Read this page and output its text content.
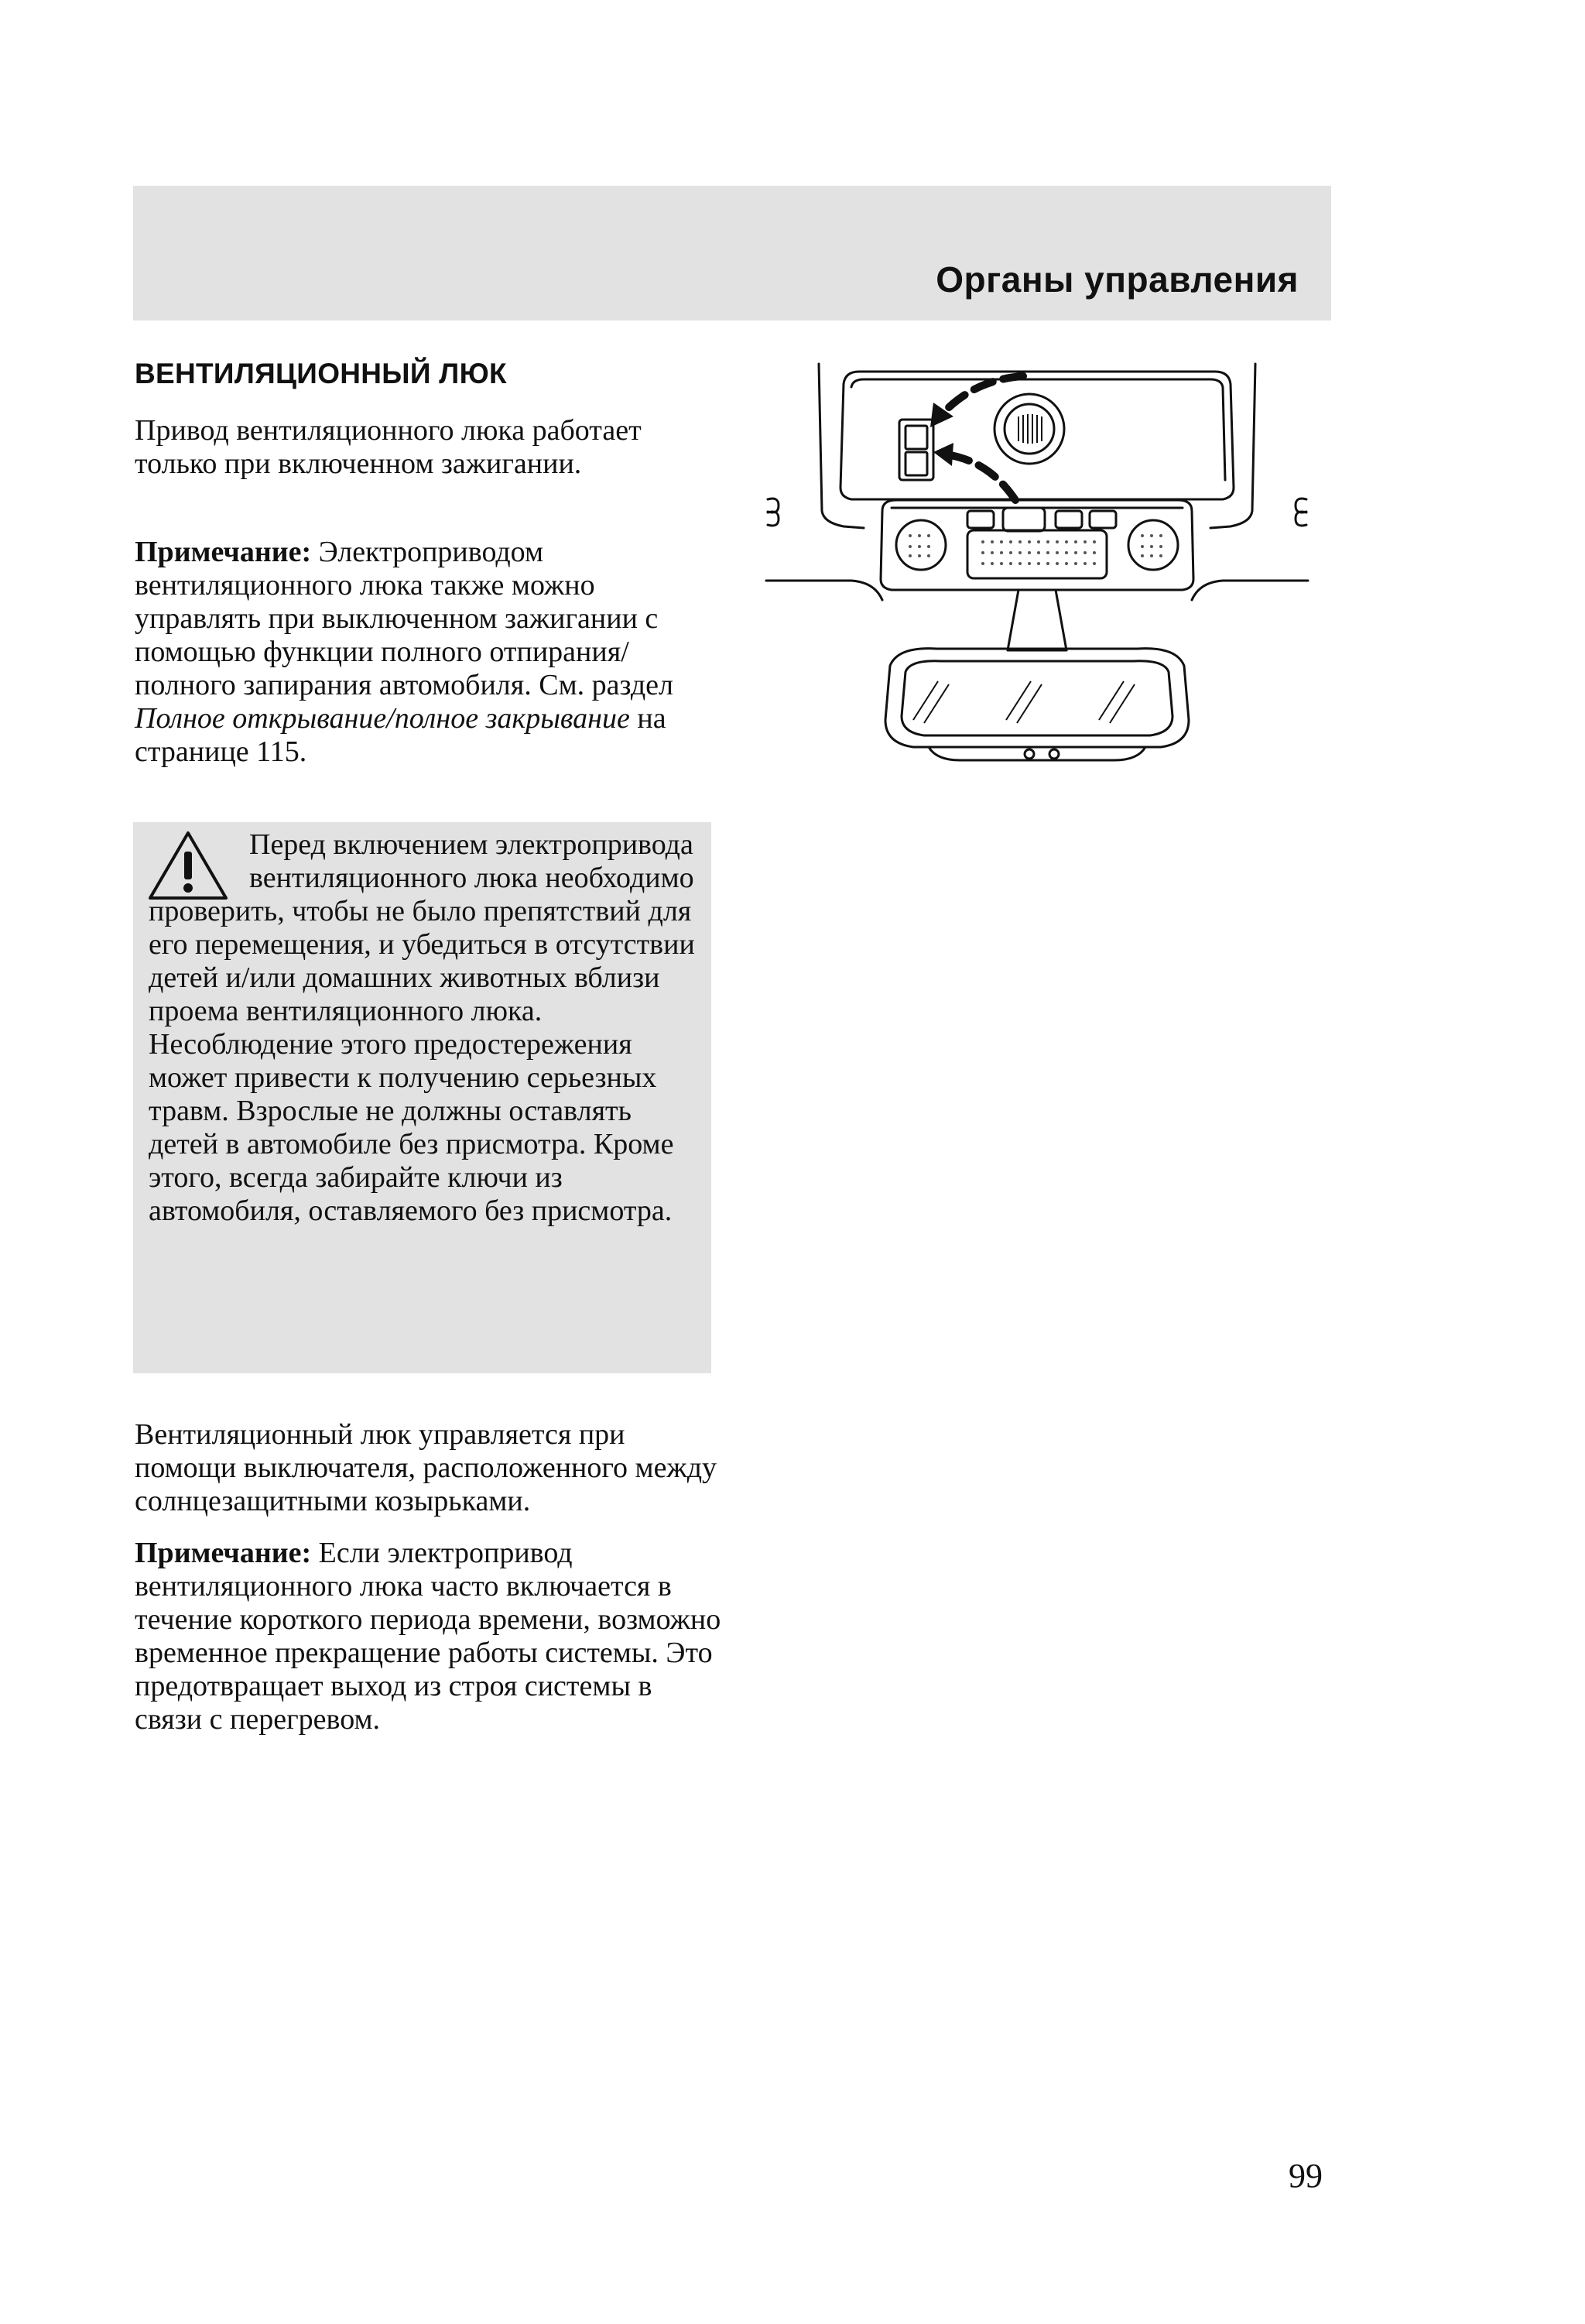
Органы управления
ВЕНТИЛЯЦИОННЫЙ ЛЮК

Привод вентиляционного люка работает только при включенном зажигании.

Примечание: Электроприводом вентиляционного люка также можно управлять при выключенном зажигании с помощью функции полного отпирания/полного запирания автомобиля. См. раздел Полное открывание/полное закрывание на странице 115.

Перед включением электропривода вентиляционного люка необходимо проверить, чтобы не было препятствий для его перемещения, и убедиться в отсутствии детей и/или домашних животных вблизи проема вентиляционного люка. Несоблюдение этого предостережения может привести к получению серьезных травм. Взрослые не должны оставлять детей в автомобиле без присмотра. Кроме этого, всегда забирайте ключи из автомобиля, оставляемого без присмотра.

Вентиляционный люк управляется при помощи выключателя, расположенного между солнцезащитными козырьками.

Примечание: Если электропривод вентиляционного люка часто включается в течение короткого периода времени, возможно временное прекращение работы системы. Это предотвращает выход из строя системы в связи с перегревом.

99
